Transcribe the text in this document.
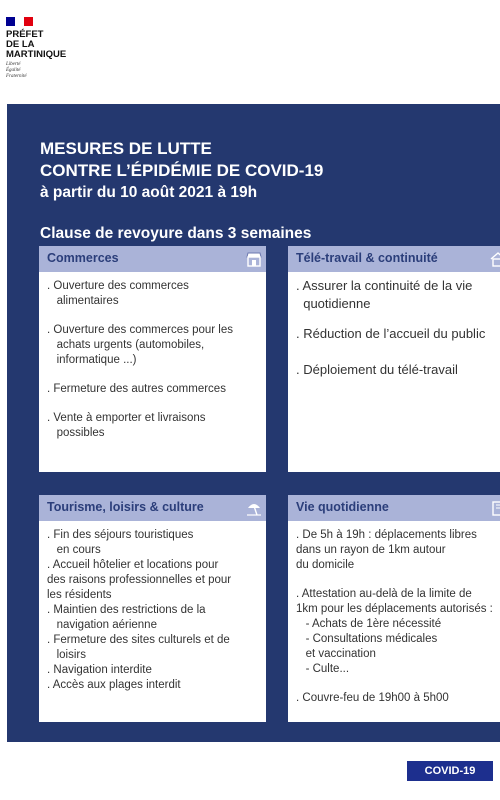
PRÉFET
DE LA
MARTINIQUE
Liberté
Égalité
Fraternité
MESURES DE LUTTE
CONTRE L’ÉPIDÉMIE DE COVID-19

à partir du 10 août 2021 à 19h

Clause de revoyure dans 3 semaines

Commerces
. Ouverture des commerces
alimentaires
. Ouverture des commerces pour les
achats urgents (automobiles,
informatique ...)
. Fermeture des autres commerces
. Vente à emporter et livraisons
possibles
Télé-travail & continuité
. Assurer la continuité de la vie
quotidienne
. Réduction de l’accueil du public
. Déploiement du télé-travail
Tourisme, loisirs & culture
. Fin des séjours touristiques
en cours
. Accueil hôtelier et locations pour
des raisons professionnelles et pour
les résidents
. Maintien des restrictions de la
navigation aérienne
. Fermeture des sites culturels et de
loisirs
. Navigation interdite
. Accès aux plages interdit
Vie quotidienne
. De 5h à 19h : déplacements libres
dans un rayon de 1km autour
du domicile
. Attestation au-delà de la limite de
1km pour les déplacements autorisés :
- Achats de 1ère nécessité
- Consultations médicales
et vaccination
- Culte...
. Couvre-feu de 19h00 à 5h00
COVID-19
